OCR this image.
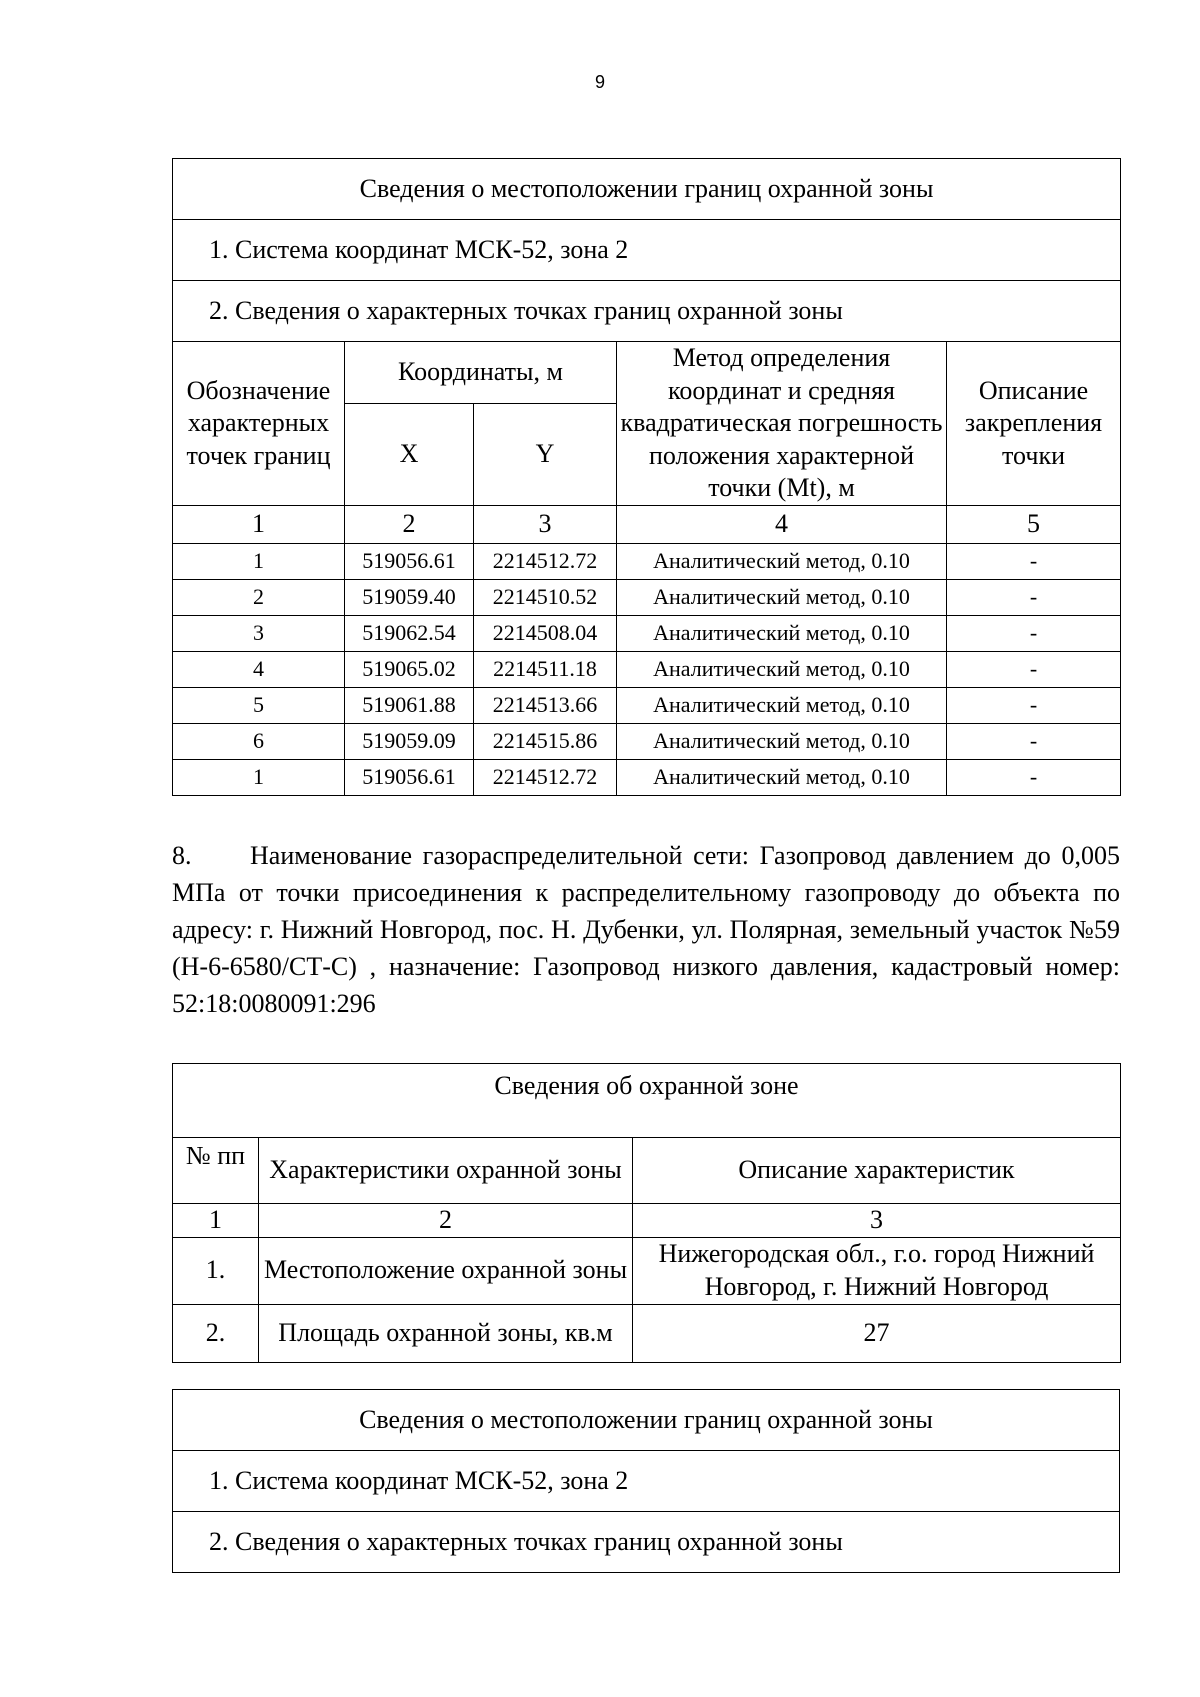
9
Сведения о местоположении границ охранной зоны				
1. Система координат МСК-52, зона 2				
2. Сведения о характерных точках границ охранной зоны				
Обозначение характерных точек границ	Координаты, м		Метод определения координат и средняя квадратическая погрешность положения характерной точки (Mt), м	Описание закрепления точки
	X	Y		
1	2	3	4	5
1	519056.61	2214512.72	Аналитический метод, 0.10	-
2	519059.40	2214510.52	Аналитический метод, 0.10	-
3	519062.54	2214508.04	Аналитический метод, 0.10	-
4	519065.02	2214511.18	Аналитический метод, 0.10	-
5	519061.88	2214513.66	Аналитический метод, 0.10	-
6	519059.09	2214515.86	Аналитический метод, 0.10	-
1	519056.61	2214512.72	Аналитический метод, 0.10	-

8. Наименование газораспределительной сети: Газопровод давлением до 0,005 МПа от точки присоединения к распределительному газопроводу до объекта по адресу: г. Нижний Новгород, пос. Н. Дубенки, ул. Полярная, земельный участок №59 (Н-6-6580/СТ-С) , назначение: Газопровод низкого давления, кадастровый номер: 52:18:0080091:296

Сведения об охранной зоне		
№ пп	Характеристики охранной зоны	Описание характеристик
1	2	3
1.	Местоположение охранной зоны	Нижегородская обл., г.о. город Нижний Новгород, г. Нижний Новгород
2.	Площадь охранной зоны, кв.м	27
Сведения о местоположении границ охранной зоны
1. Система координат МСК-52, зона 2
2. Сведения о характерных точках границ охранной зоны
